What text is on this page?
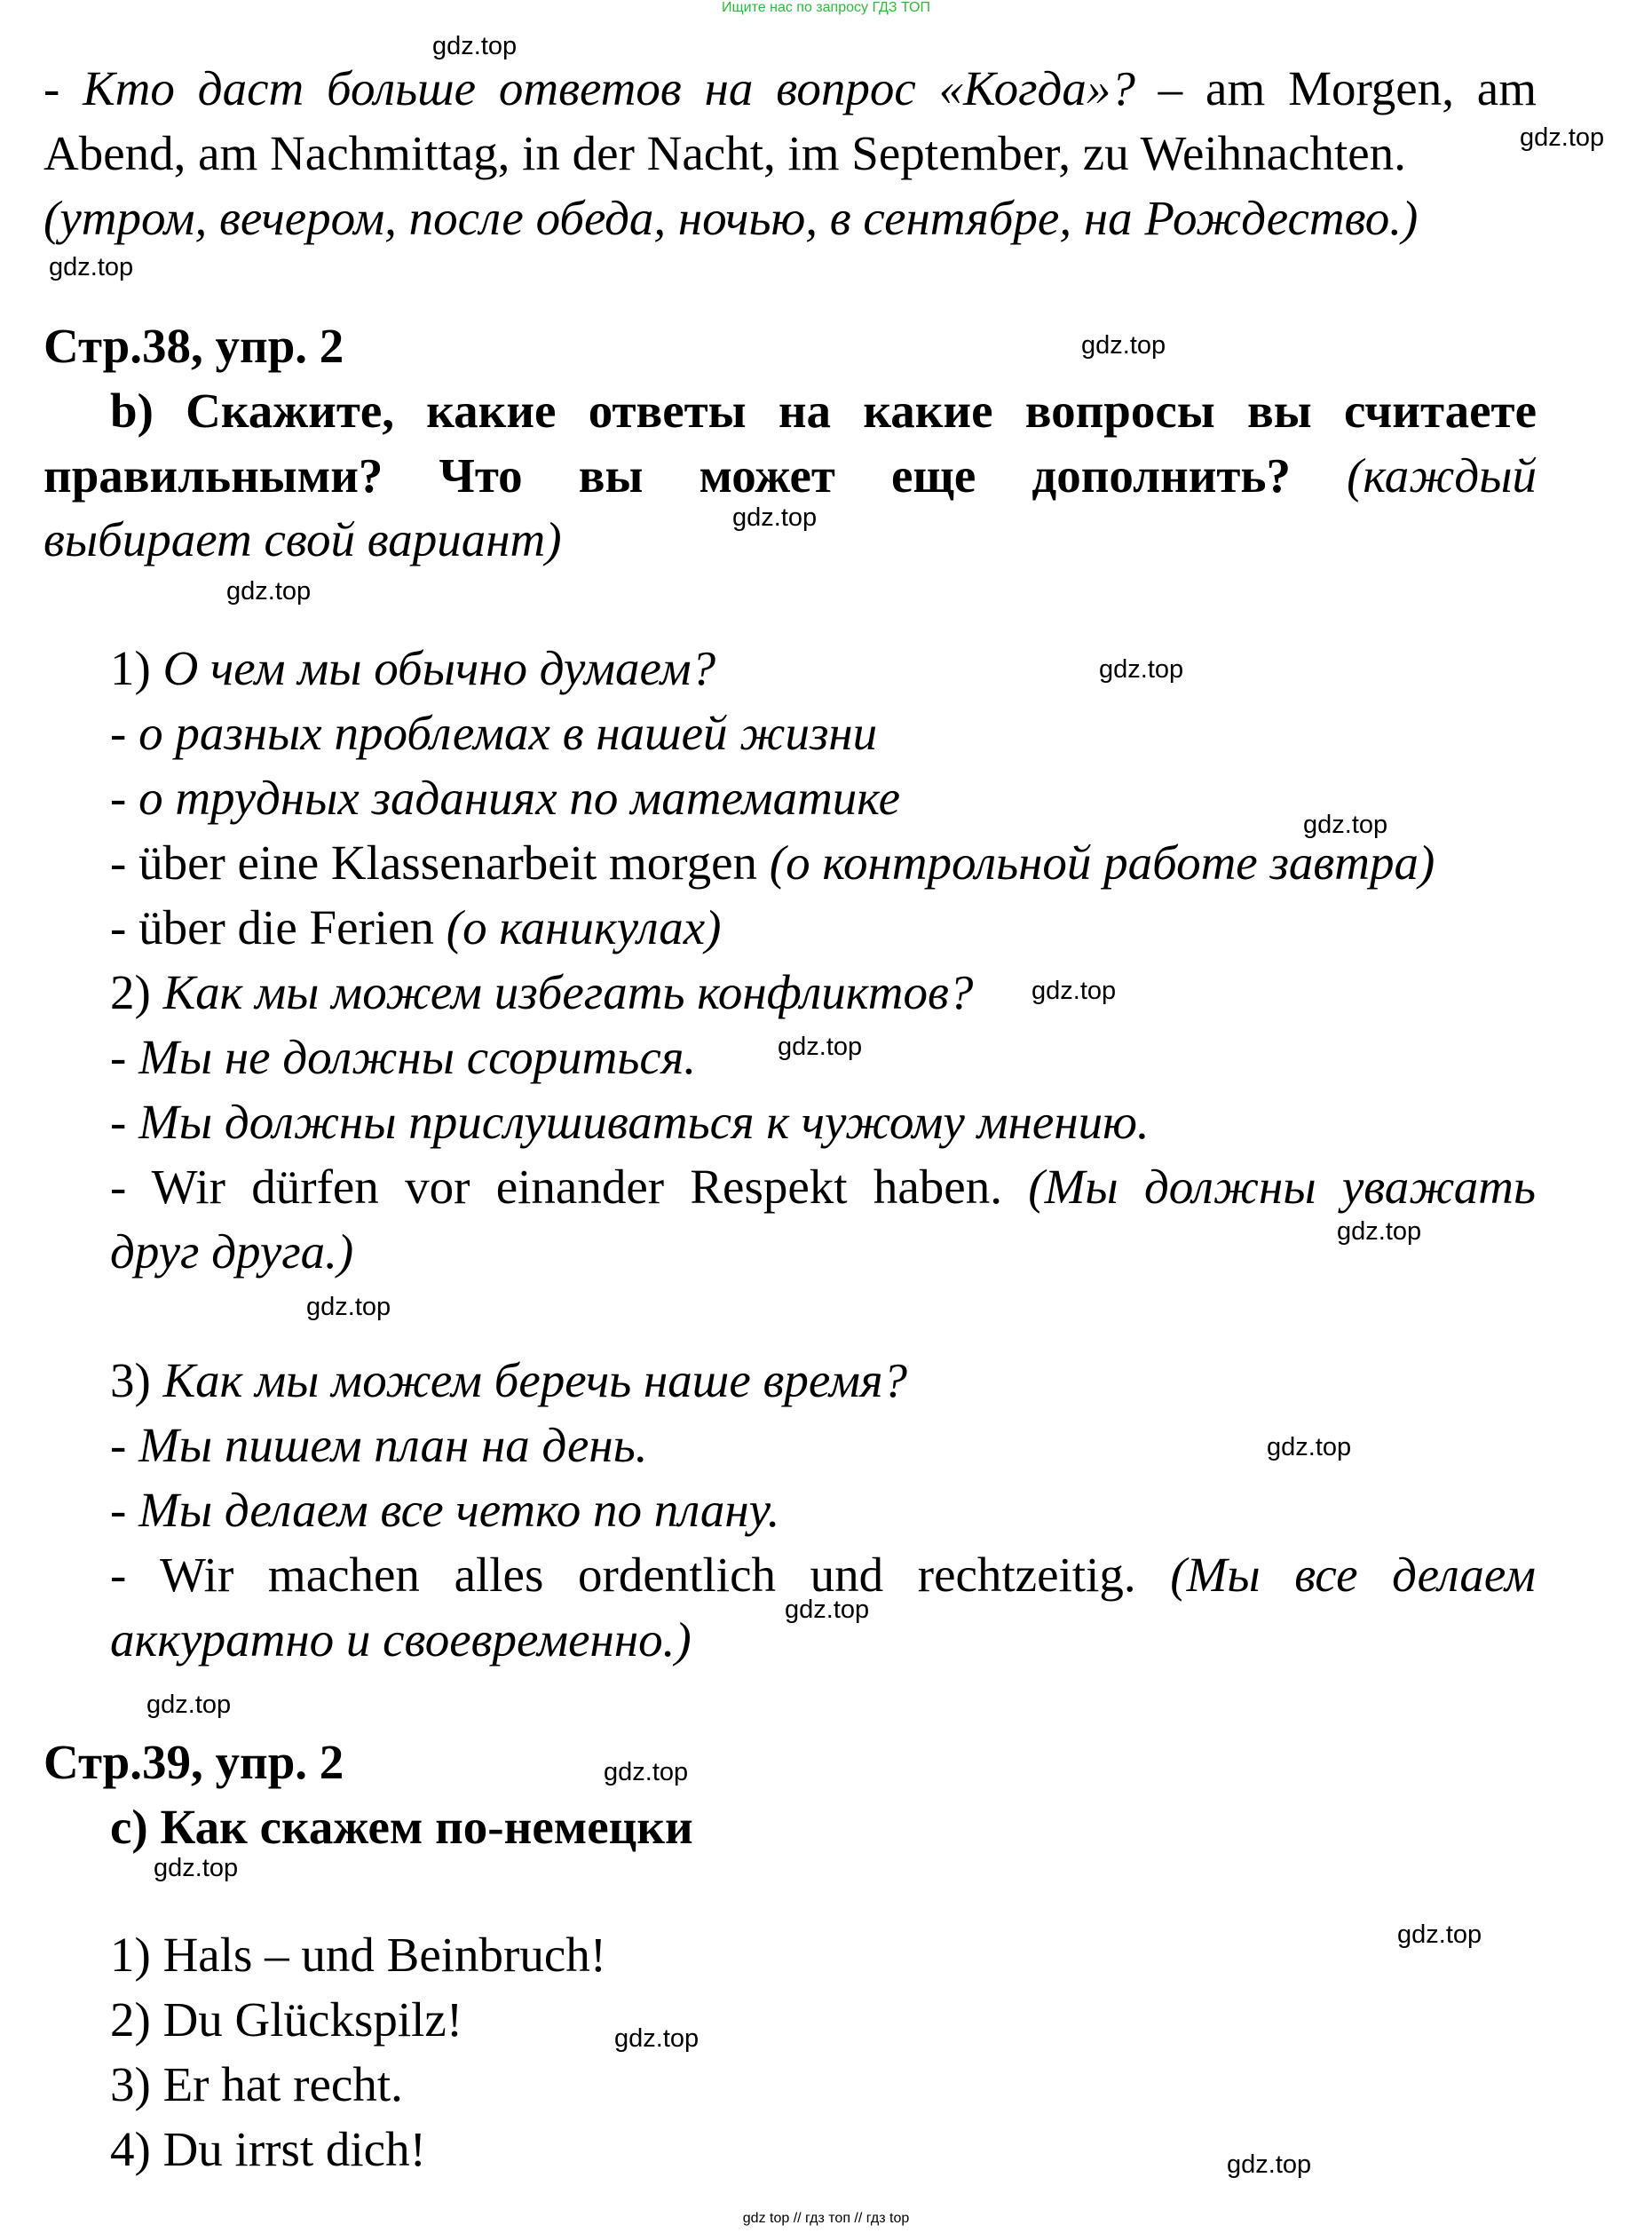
Ищите нас по запросу ГДЗ ТОП
gdz.top
gdz.top
gdz.top
gdz.top
gdz.top
gdz.top
gdz.top
gdz.top
gdz.top
gdz.top
gdz.top
gdz.top
gdz.top
gdz.top
gdz.top
gdz.top
gdz.top
gdz.top
gdz.top
gdz.top
- Кто даст больше ответов на вопрос «Когда»? – am Morgen, am
Abend, am Nachmittag, in der Nacht, im September, zu Weihnachten.
(утром, вечером, после обеда, ночью, в сентябре, на Рождество.)
Стр.38, упр. 2
b) Скажите, какие ответы на какие вопросы вы считаете
правильными? Что вы может еще дополнить? (каждый
выбирает свой вариант)
1) О чем мы обычно думаем?
- о разных проблемах в нашей жизни
- о трудных заданиях по математике
- über eine Klassenarbeit morgen (о контрольной работе завтра)
- über die Ferien (о каникулах)
2) Как мы можем избегать конфликтов?
- Мы не должны ссориться.
- Мы должны прислушиваться к чужому мнению.
- Wir dürfen vor einander Respekt haben. (Мы должны уважать
друг друга.)
3) Как мы можем беречь наше время?
- Мы пишем план на день.
- Мы делаем все четко по плану.
- Wir machen alles ordentlich und rechtzeitig. (Мы все делаем
аккуратно и своевременно.)
Стр.39, упр. 2
c) Как скажем по-немецки
1) Hals – und Beinbruch!
2) Du Glückspilz!
3) Er hat recht.
4) Du irrst dich!
gdz top // гдз топ // гдз top
